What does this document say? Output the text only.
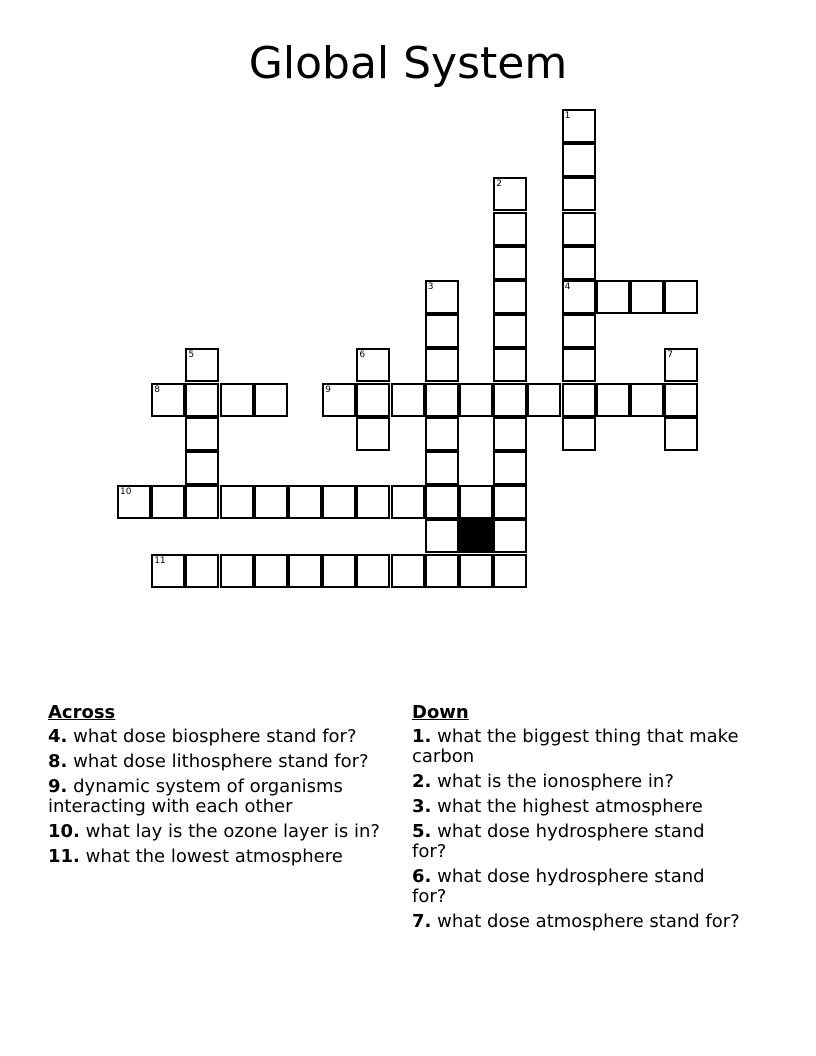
Global System
1
4
2
3
5	6	7
8	9
10
11
Across
4. what dose biosphere stand for?
8. what dose lithosphere stand for?
9. dynamic system of organisms interacting with each other
10. what lay is the ozone layer is in?
11. what the lowest atmosphere
Down
1. what the biggest thing that make carbon
2. what is the ionosphere in?
3. what the highest atmosphere
5. what dose hydrosphere stand for?
6. what dose hydrosphere stand for?
7. what dose atmosphere stand for?
